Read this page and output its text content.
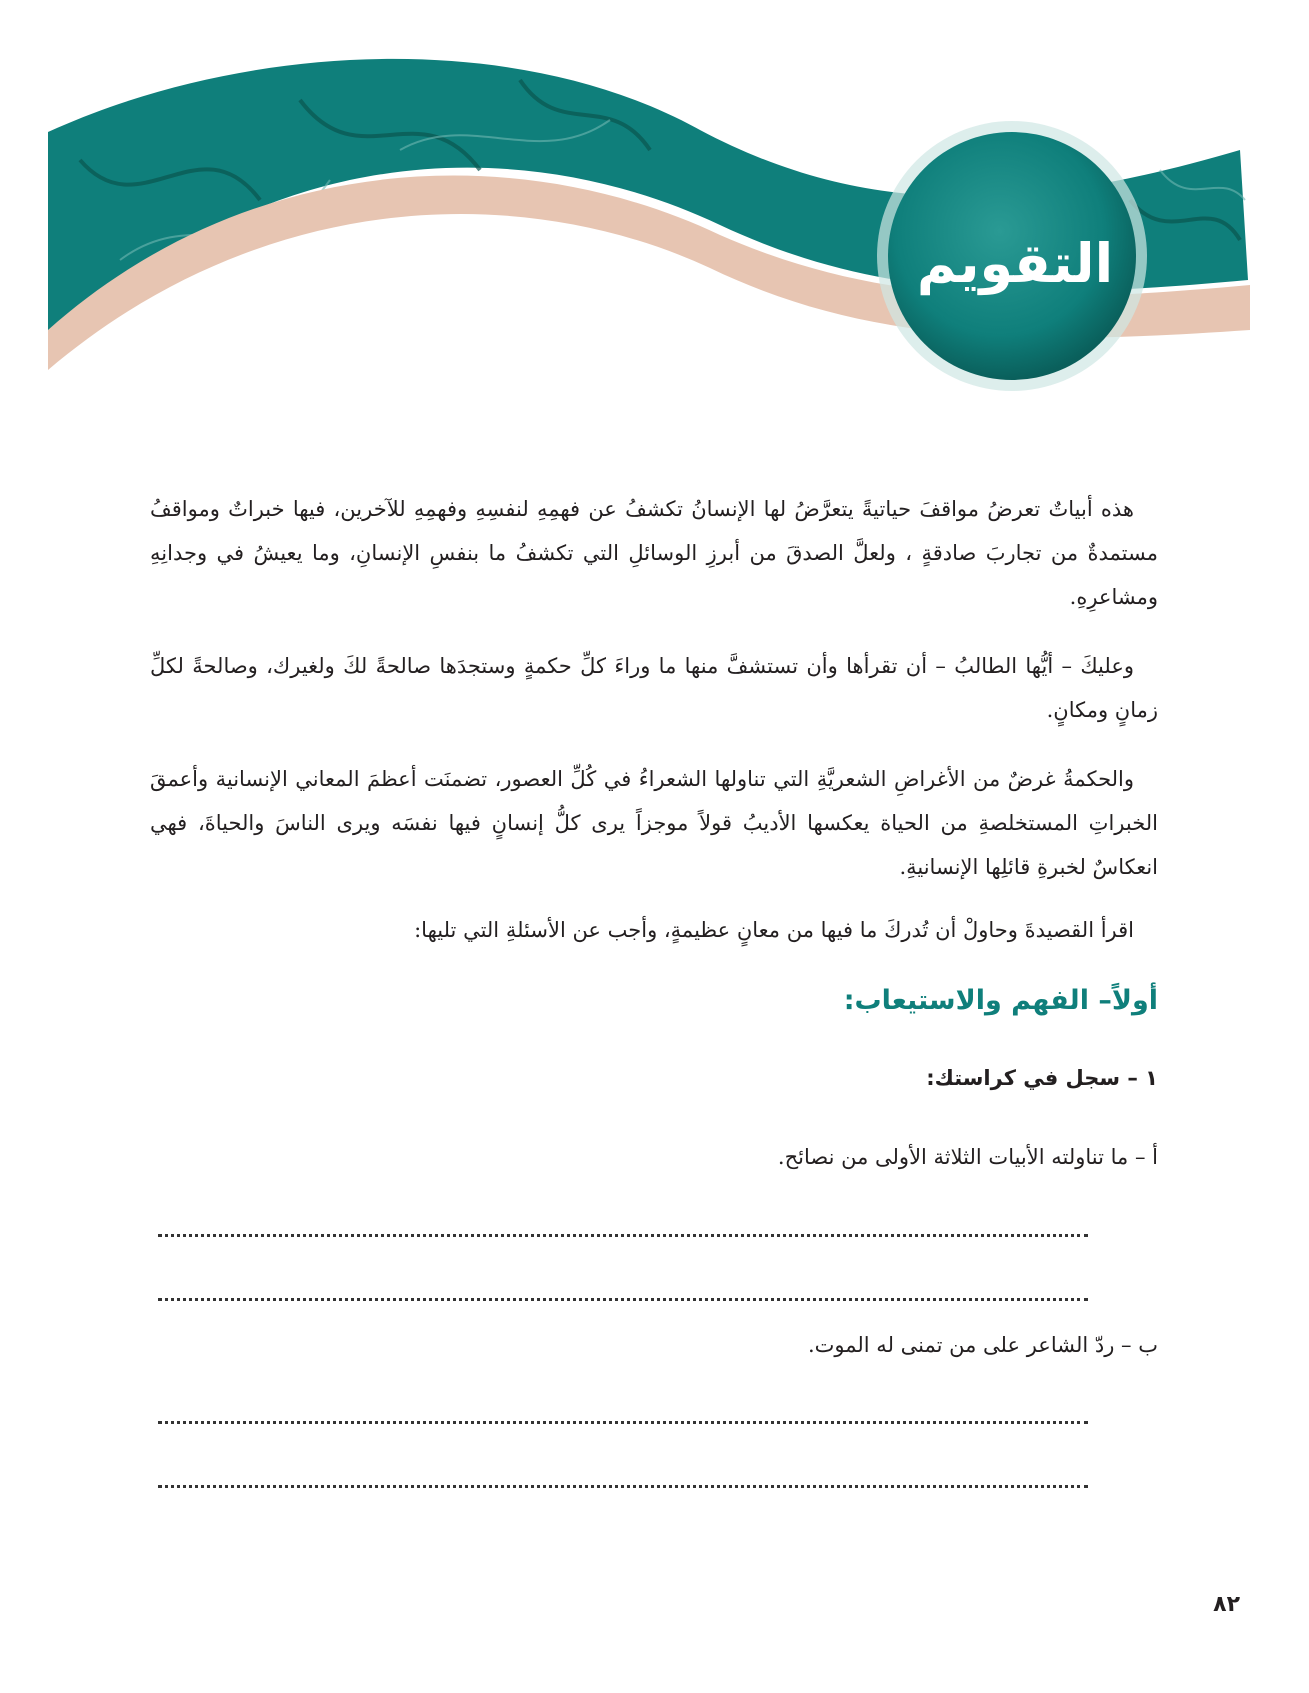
التقويم

هذه أبياتٌ تعرضُ مواقفَ حياتيةً يتعرَّضُ لها الإنسانُ تكشفُ عن فهمِهِ لنفسِهِ وفهمِهِ للآخرين، فيها خبراتٌ ومواقفُ مستمدةٌ من تجاربَ صادقةٍ ، ولعلَّ الصدقَ من أبرزِ الوسائلِ التي تكشفُ ما بنفسِ الإنسانِ، وما يعيشُ في وجدانِهِ ومشاعرِهِ.

وعليكَ – أيُّها الطالبُ – أن تقرأها وأن تستشفَّ منها ما وراءَ كلِّ حكمةٍ وستجدَها صالحةً لكَ ولغيرك، وصالحةً لكلِّ زمانٍ ومكانٍ.

والحكمةُ غرضٌ من الأغراضِ الشعريَّةِ التي تناولها الشعراءُ في كُلِّ العصور، تضمنَت أعظمَ المعاني الإنسانية وأعمقَ الخبراتِ المستخلصةِ من الحياة يعكسها الأديبُ قولاً موجزاً يرى كلُّ إنسانٍ فيها نفسَه ويرى الناسَ والحياةَ، فهي انعكاسٌ لخبرةِ قائلِها الإنسانيةِ.

اقرأ القصيدةَ وحاولْ أن تُدركَ ما فيها من معانٍ عظيمةٍ، وأجب عن الأسئلةِ التي تليها:

أولاً– الفهم والاستيعاب:
١ – سجل في كراستك:
أ – ما تناولته الأبيات الثلاثة الأولى من نصائح.
ب – ردّ الشاعر على من تمنى له الموت.
٨٢
